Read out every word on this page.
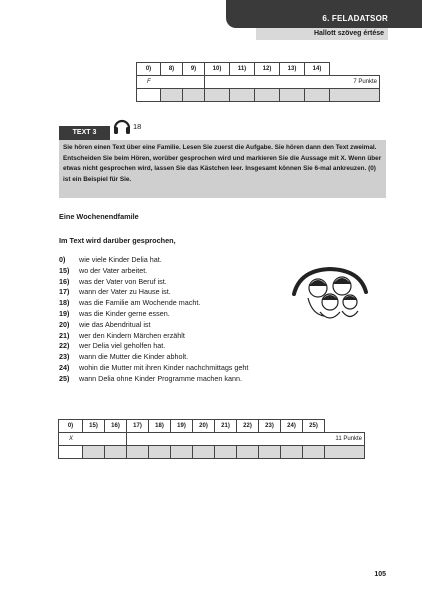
6. FELADATSOR
Hallott szöveg értése
0)	8)	9)	10)	11)	12)	13)	14)	
F								7 Punkte

TEXT 3
18
Sie hören einen Text über eine Familie. Lesen Sie zuerst die Aufgabe. Sie hören dann den Text zweimal. Entscheiden Sie beim Hören, worüber gesprochen wird und markieren Sie die Aussage mit X. Wenn über etwas nicht gesprochen wird, lassen Sie das Kästchen leer. Insgesamt können Sie 6-mal ankreuzen. (0) ist ein Beispiel für Sie.
Eine Wochenendfamile
Im Text wird darüber gesprochen,
0) wie viele Kinder Delia hat.
15) wo der Vater arbeitet.
16) was der Vater von Beruf ist.
17) wann der Vater zu Hause ist.
18) was die Familie am Wochende macht.
19) was die Kinder gerne essen.
20) wie das Abendritual ist
21) wer den Kindern Märchen erzählt
22) wer Delia viel geholfen hat.
23) wann die Mutter die Kinder abholt.
24) wohin die Mutter mit ihren Kinder nachchmittags geht
25) wann Delia ohne Kinder Programme machen kann.
0)	15)	16)	17)	18)	19)	20)	21)	22)	23)	24)	25)	
X												11 Punkte

105
